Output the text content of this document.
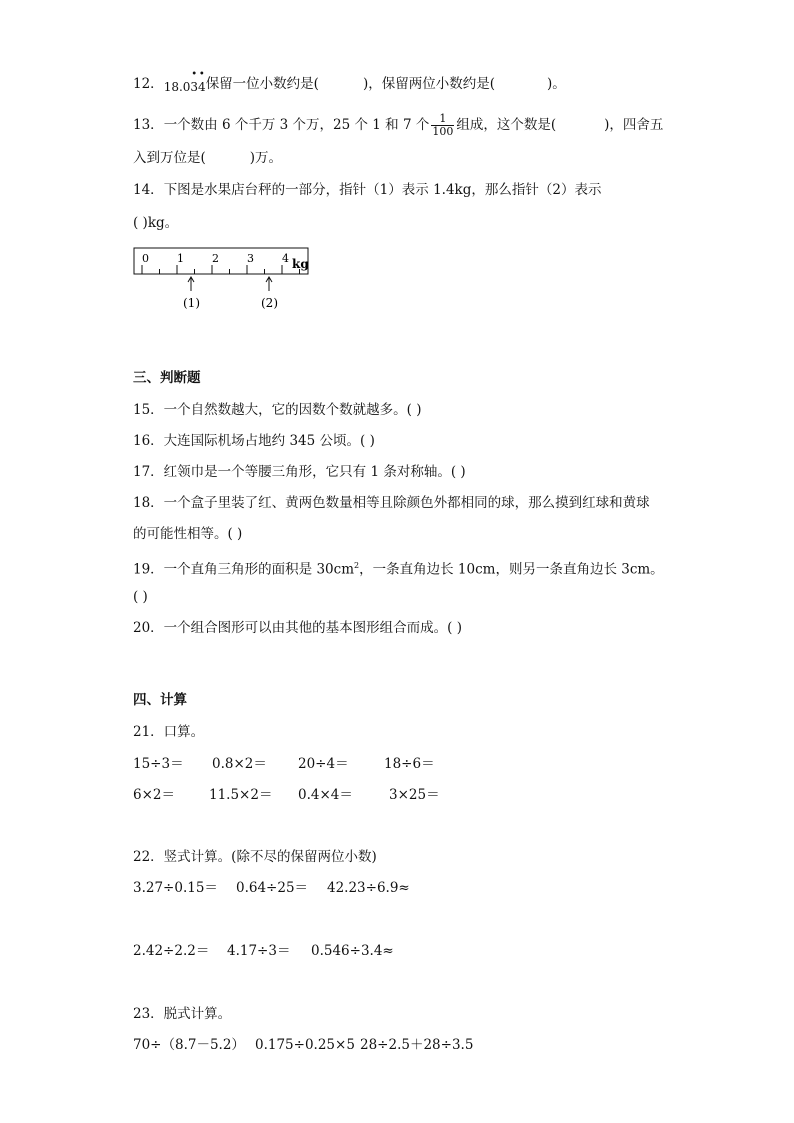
12．18.03
•
4
•
保留一位小数约是(	)，保留两位小数约是(	)。
13．一个数由 6 个千万 3 个万，25 个 1 和 7 个 $\frac{1}{100}$ 组成，这个数是(	)，四舍五
入到万位是(	)万。
14．下图是水果店台秤的一部分，指针（1）表示 1.4kg，那么指针（2）表示
( )kg。
0	1	2	3	4 kg
(1)	(2)
三、判断题
15．一个自然数越大，它的因数个数就越多。( )
16．大连国际机场占地约 345 公顷。( )
17．红领巾是一个等腰三角形，它只有 1 条对称轴。( )
18．一个盒子里装了红、黄两色数量相等且除颜色外都相同的球，那么摸到红球和黄球
的可能性相等。( )
19．一个直角三角形的面积是 $30cm^2$，一条直角边长 10cm，则另一条直角边长 3cm。
( )
20．一个组合图形可以由其他的基本图形组合而成。( )
四、计算
21．口算。
15÷3＝ 0.8×2＝ 20÷4＝	18÷6＝
6×2＝	11.5×2＝ 0.4×4＝	3×25＝
22．竖式计算。(除不尽的保留两位小数)
3.27÷0.15＝ 0.64÷25＝ 42.23÷6.9≈
2.42÷2.2＝ 4.17÷3＝ 0.546÷3.4≈
23．脱式计算。
70÷（8.7－5.2） 0.175÷0.25×5 28÷2.5＋28÷3.5
